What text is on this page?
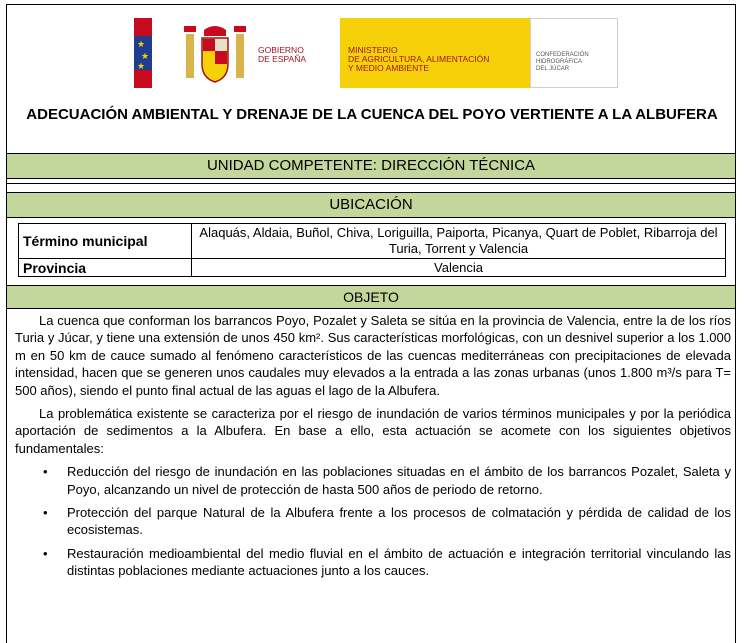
★
★
★
GOBIERNO
DE ESPAÑA
MINISTERIO
DE AGRICULTURA, ALIMENTACIÓN
Y MEDIO AMBIENTE
CONFEDERACIÓN
HIDROGRÁFICA
DEL JÚCAR
ADECUACIÓN AMBIENTAL Y DRENAJE DE LA CUENCA DEL POYO VERTIENTE A LA ALBUFERA
UNIDAD COMPETENTE: DIRECCIÓN TÉCNICA
UBICACIÓN
Término municipal	Alaquás, Aldaia, Buñol, Chiva, Loriguilla, Paiporta, Picanya, Quart de Poblet, Ribarroja del Turia, Torrent y Valencia
Provincia	Valencia
OBJETO

La cuenca que conforman los barrancos Poyo, Pozalet y Saleta se sitúa en la provincia de Valencia, entre la de los ríos Turia y Júcar, y tiene una extensión de unos 450 km². Sus características morfológicas, con un desnivel superior a los 1.000 m en 50 km de cauce sumado al fenómeno característicos de las cuencas mediterráneas con precipitaciones de elevada intensidad, hacen que se generen unos caudales muy elevados a la entrada a las zonas urbanas (unos 1.800 m³/s para T= 500 años), siendo el punto final actual de las aguas el lago de la Albufera.

La problemática existente se caracteriza por el riesgo de inundación de varios términos municipales y por la periódica aportación de sedimentos a la Albufera. En base a ello, esta actuación se acomete con los siguientes objetivos fundamentales:

• Reducción del riesgo de inundación en las poblaciones situadas en el ámbito de los barrancos Pozalet, Saleta y Poyo, alcanzando un nivel de protección de hasta 500 años de periodo de retorno.
• Protección del parque Natural de la Albufera frente a los procesos de colmatación y pérdida de calidad de los ecosistemas.
• Restauración medioambiental del medio fluvial en el ámbito de actuación e integración territorial vinculando las distintas poblaciones mediante actuaciones junto a los cauces.
